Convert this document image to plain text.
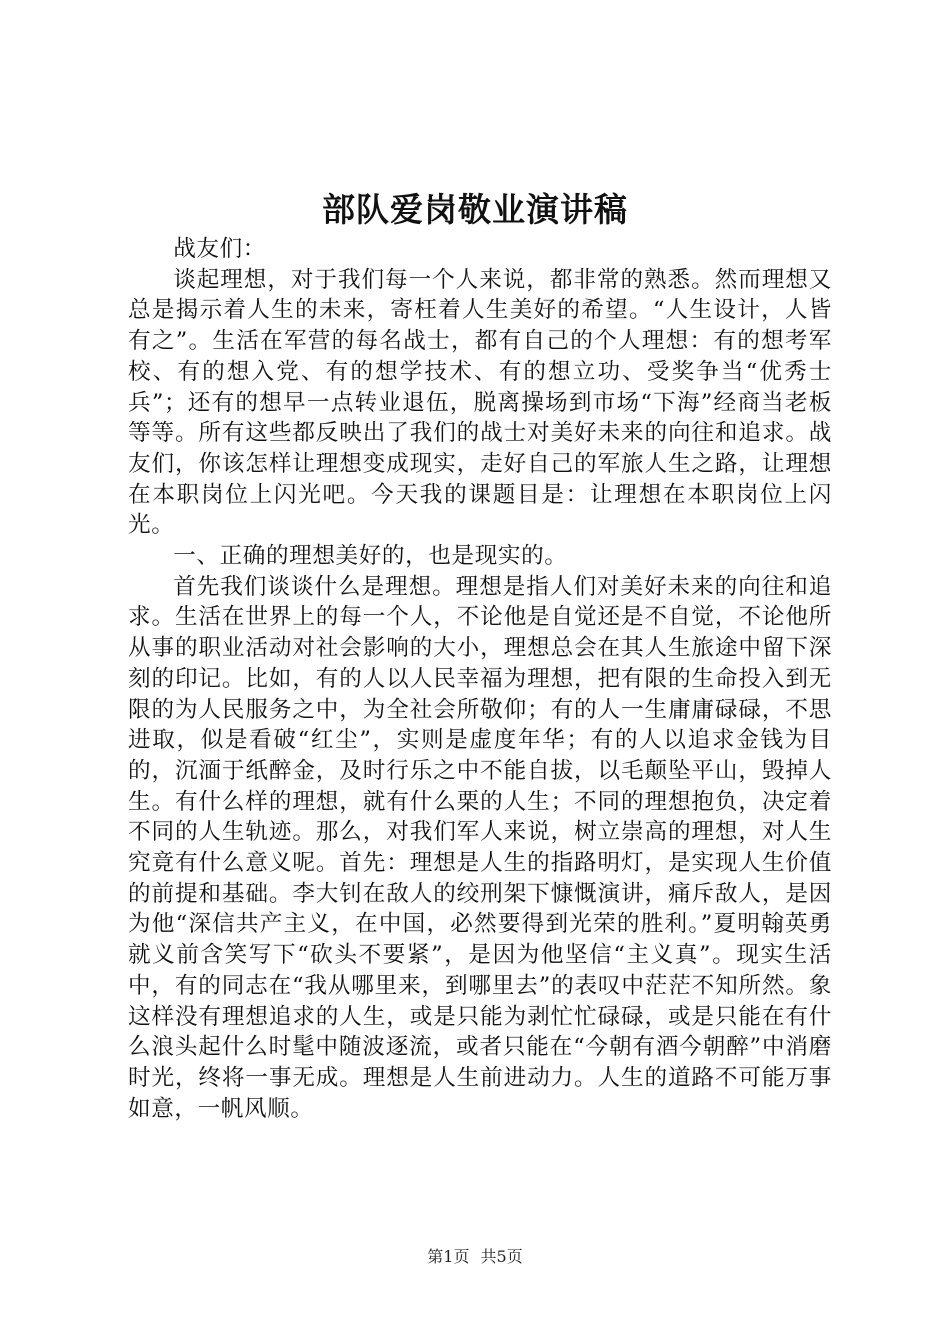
部队爱岗敬业演讲稿

战友们：

谈起理想，对于我们每一个人来说，都非常的熟悉。然而理想又总是揭示着人生的未来，寄枉着人生美好的希望。“人生设计，人皆有之”。生活在军营的每名战士，都有自己的个人理想：有的想考军校、有的想入党、有的想学技术、有的想立功、受奖争当“优秀士兵”；还有的想早一点转业退伍，脱离操场到市场“下海”经商当老板等等。所有这些都反映出了我们的战士对美好未来的向往和追求。战友们，你该怎样让理想变成现实，走好自己的军旅人生之路，让理想在本职岗位上闪光吧。今天我的课题目是：让理想在本职岗位上闪光。

一、正确的理想美好的，也是现实的。

首先我们谈谈什么是理想。理想是指人们对美好未来的向往和追求。生活在世界上的每一个人，不论他是自觉还是不自觉，不论他所从事的职业活动对社会影响的大小，理想总会在其人生旅途中留下深刻的印记。比如，有的人以人民幸福为理想，把有限的生命投入到无限的为人民服务之中，为全社会所敬仰；有的人一生庸庸碌碌，不思进取，似是看破“红尘”，实则是虚度年华；有的人以追求金钱为目的，沉湎于纸醉金，及时行乐之中不能自拔，以毛颠坠平山，毁掉人生。有什么样的理想，就有什么栗的人生；不同的理想抱负，决定着不同的人生轨迹。那么，对我们军人来说，树立崇高的理想，对人生究竟有什么意义呢。首先：理想是人生的指路明灯，是实现人生价值的前提和基础。李大钊在敌人的绞刑架下慷慨演讲，痛斥敌人，是因为他“深信共产主义，在中国，必然要得到光荣的胜利。”夏明翰英勇就义前含笑写下“砍头不要紧”，是因为他坚信“主义真”。现实生活中，有的同志在“我从哪里来，到哪里去”的表叹中茫茫不知所然。象这样没有理想追求的人生，或是只能为剥忙忙碌碌，或是只能在有什么浪头起什么时髦中随波逐流，或者只能在“今朝有酒今朝醉”中消磨时光，终将一事无成。理想是人生前进动力。人生的道路不可能万事如意，一帆风顺。

第1页 共5页
